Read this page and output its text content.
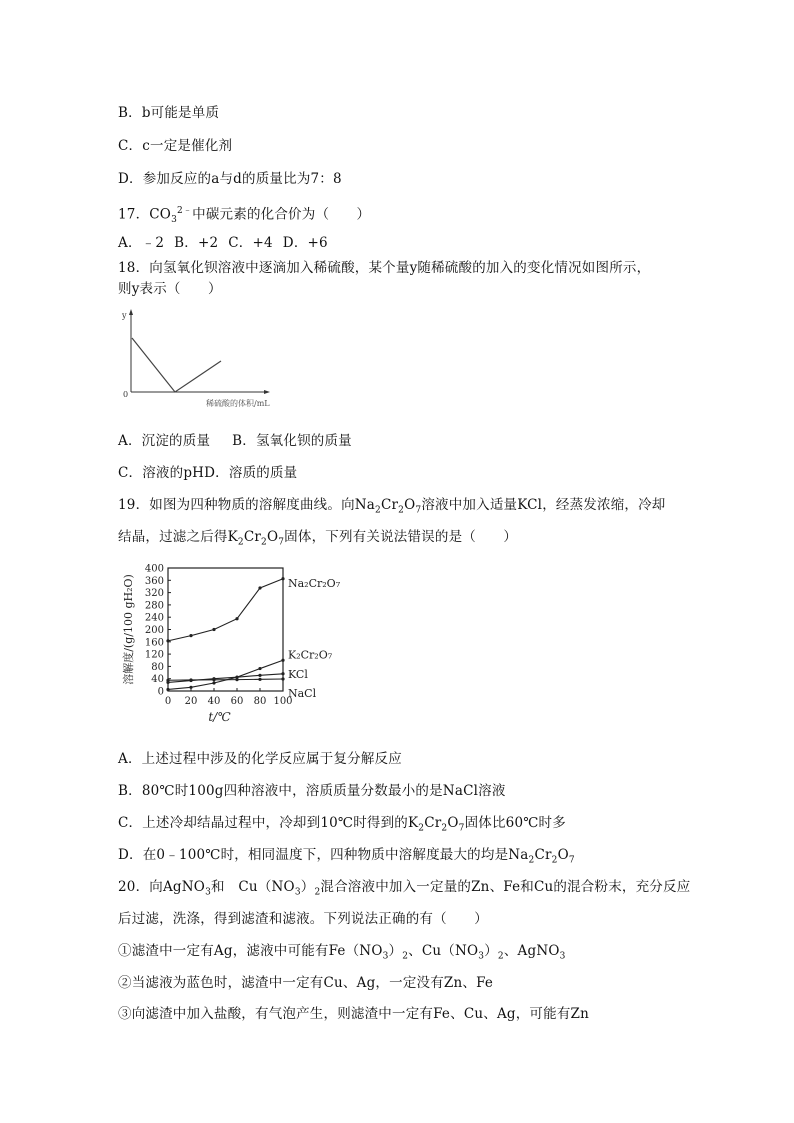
B．b可能是单质
C．c一定是催化剂
D．参加反应的a与d的质量比为7：8
17．$CO_3^{2﹣}$中碳元素的化合价为（　　）
A．﹣2 B．+2 C．+4 D．+6
18．向氢氧化钡溶液中逐滴加入稀硫酸，某个量y随稀硫酸的加入的变化情况如图所示，
则y表示（　　）
y
0
稀硫酸的体积/mL
A．沉淀的质量 B．氢氧化钡的质量
C．溶液的pHD．溶质的质量
19．如图为四种物质的溶解度曲线。向$Na_2Cr_2O_7$溶液中加入适量KCl，经蒸发浓缩，冷却
结晶，过滤之后得$K_2Cr_2O_7$固体，下列有关说法错误的是（　　）
0
40
80
120
160
200
240
280
320
360
400
0 20 40 60 80 100
t/℃
溶解度/(g/100 gH₂O)	Na₂Cr₂O₇
K₂Cr₂O₇
KCl
NaCl
A．上述过程中涉及的化学反应属于复分解反应
B．80℃时100g四种溶液中，溶质质量分数最小的是NaCl溶液
C．上述冷却结晶过程中，冷却到10℃时得到的$K_2Cr_2O_7$固体比60℃时多
D．在0﹣100℃时，相同温度下，四种物质中溶解度最大的均是$Na_2Cr_2O_7$
20．向AgNO$_3$和　$Cu(NO_3)_2$混合溶液中加入一定量的Zn、Fe和Cu的混合粉末，充分反应
后过滤，洗涤，得到滤渣和滤液。下列说法正确的有（　　）
①滤渣中一定有Ag，滤液中可能有$Fe(NO_3)_2$、$Cu(NO_3)_2$、AgNO$_3$
②当滤液为蓝色时，滤渣中一定有Cu、Ag，一定没有Zn、Fe
③向滤渣中加入盐酸，有气泡产生，则滤渣中一定有Fe、Cu、Ag，可能有Zn
